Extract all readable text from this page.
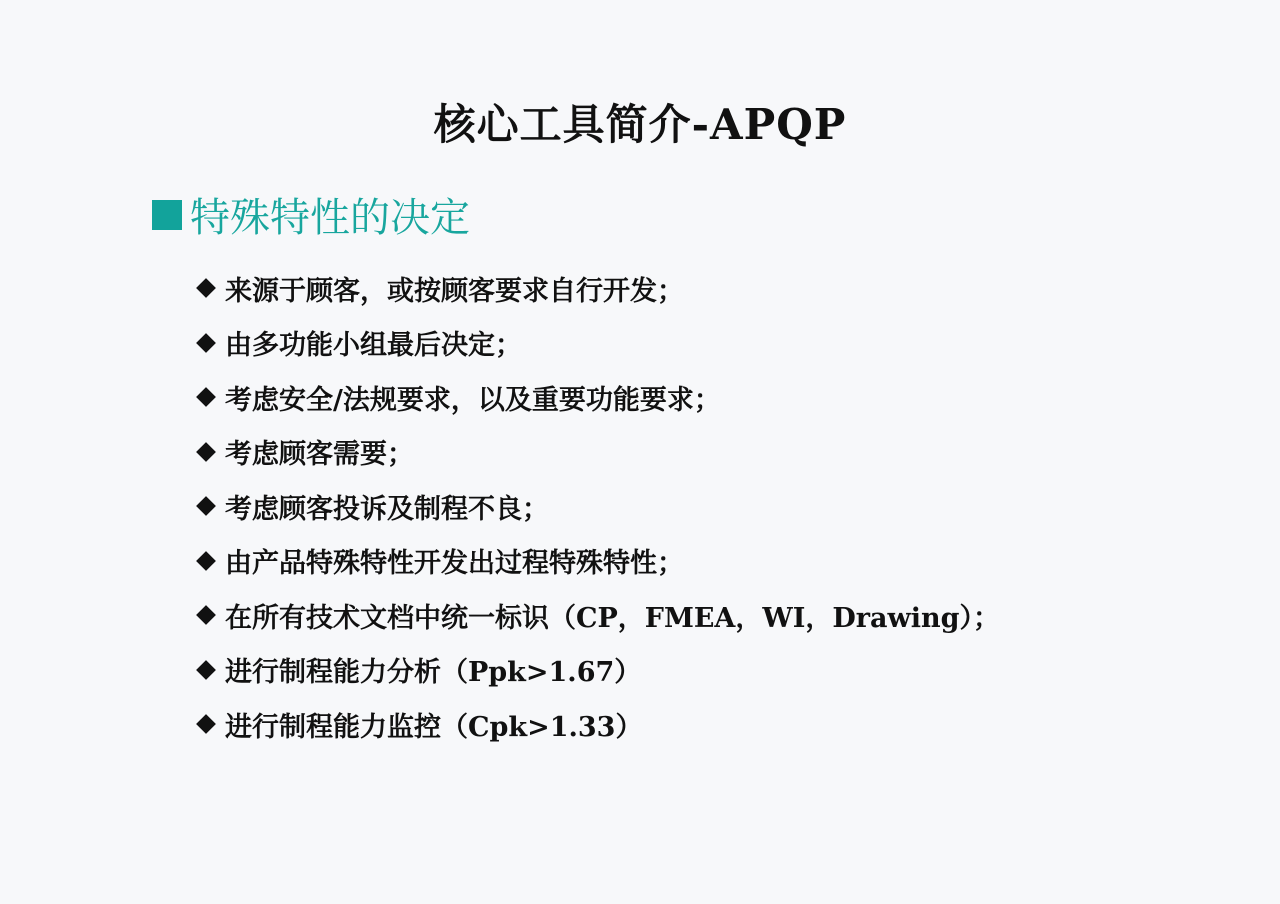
核心工具简介-APQP
特殊特性的决定
来源于顾客，或按顾客要求自行开发；
由多功能小组最后决定；
考虑安全/法规要求，以及重要功能要求；
考虑顾客需要；
考虑顾客投诉及制程不良；
由产品特殊特性开发出过程特殊特性；
在所有技术文档中统一标识（CP，FMEA，WI，Drawing）；
进行制程能力分析（Ppk>1.67）
进行制程能力监控（Cpk>1.33）
